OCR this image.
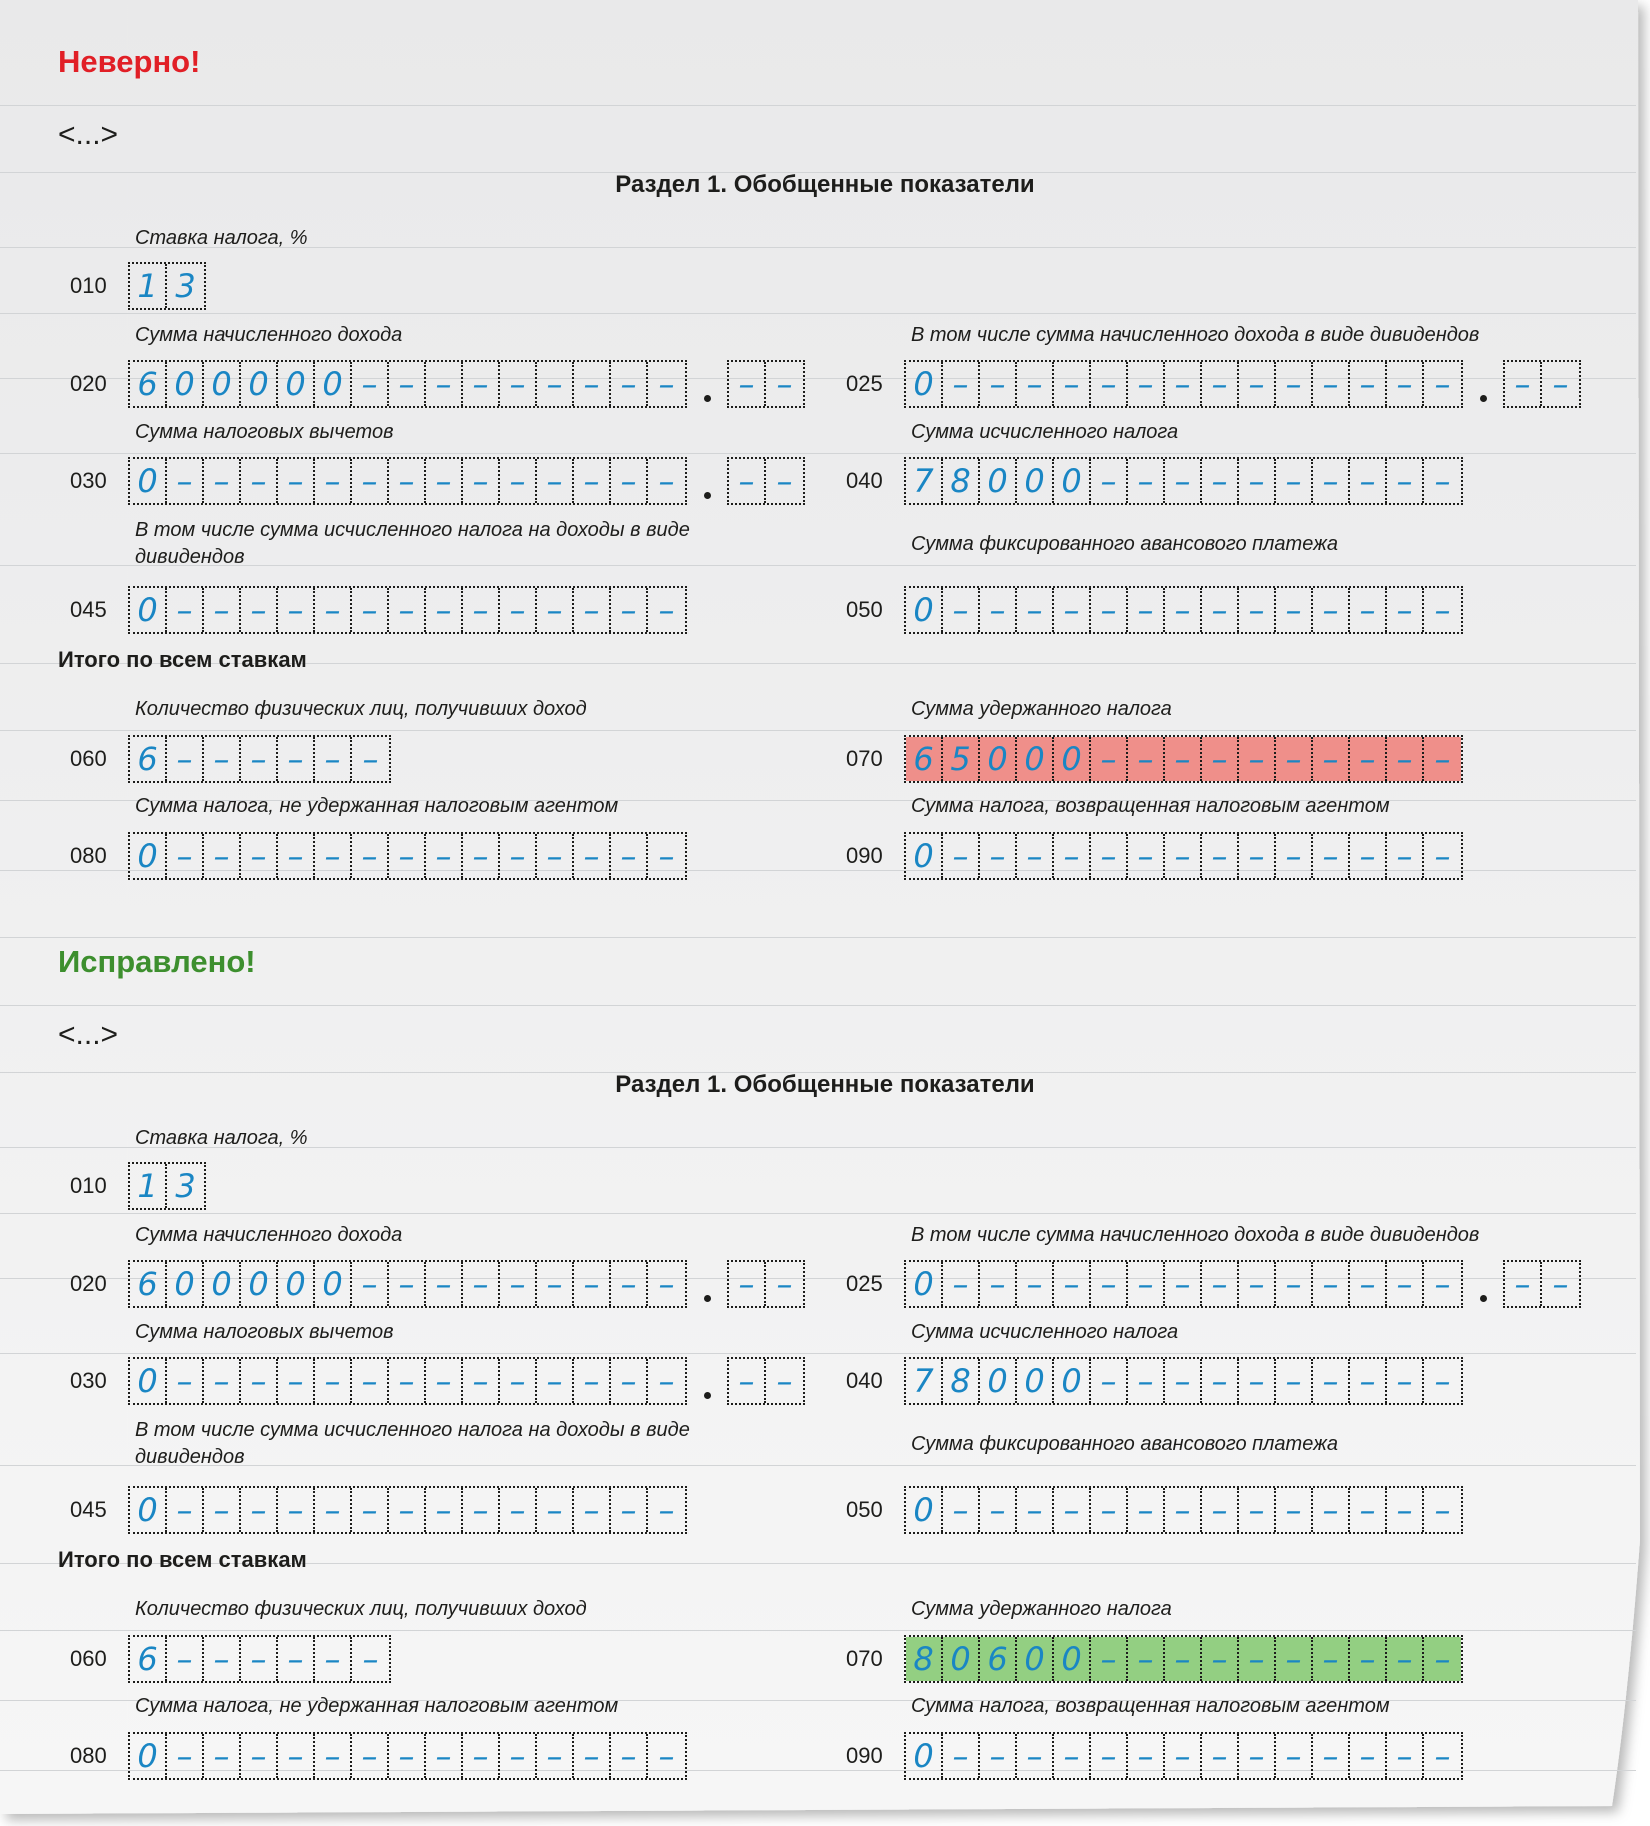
Неверно!
<...>
Раздел 1. Обобщенные показатели
Итого по всем ставкам
Ставка налога, %
010 1 3
Сумма начисленного дохода
020 6 0 0 0 0 0 – – – – – – – – –	– –
В том числе сумма начисленного дохода в виде дивидендов
025 0 – – – – – – – – – – – – – –	– –
Сумма налоговых вычетов
030 0 – – – – – – – – – – – – – –	– –
Сумма исчисленного налога
040 7 8 0 0 0 – – – – – – – – – –
В том числе сумма исчисленного налога на доходы в виде дивидендов
045 0 – – – – – – – – – – – – – –
Сумма фиксированного авансового платежа
050 0 – – – – – – – – – – – – – –
Количество физических лиц, получивших доход
060 6 – – – – – –
Сумма удержанного налога
070 6 5 0 0 0 – – – – – – – – – –
Сумма налога, не удержанная налоговым агентом
080 0 – – – – – – – – – – – – – –
Сумма налога, возвращенная налоговым агентом
090 0 – – – – – – – – – – – – – –
Исправлено!
<...>
Раздел 1. Обобщенные показатели
Итого по всем ставкам
Ставка налога, %
010 1 3
Сумма начисленного дохода
020 6 0 0 0 0 0 – – – – – – – – –	– –
В том числе сумма начисленного дохода в виде дивидендов
025 0 – – – – – – – – – – – – – –	– –
Сумма налоговых вычетов
030 0 – – – – – – – – – – – – – –	– –
Сумма исчисленного налога
040 7 8 0 0 0 – – – – – – – – – –
В том числе сумма исчисленного налога на доходы в виде дивидендов
045 0 – – – – – – – – – – – – – –
Сумма фиксированного авансового платежа
050 0 – – – – – – – – – – – – – –
Количество физических лиц, получивших доход
060 6 – – – – – –
Сумма удержанного налога
070 8 0 6 0 0 – – – – – – – – – –
Сумма налога, не удержанная налоговым агентом
080 0 – – – – – – – – – – – – – –
Сумма налога, возвращенная налоговым агентом
090 0 – – – – – – – – – – – – – –
